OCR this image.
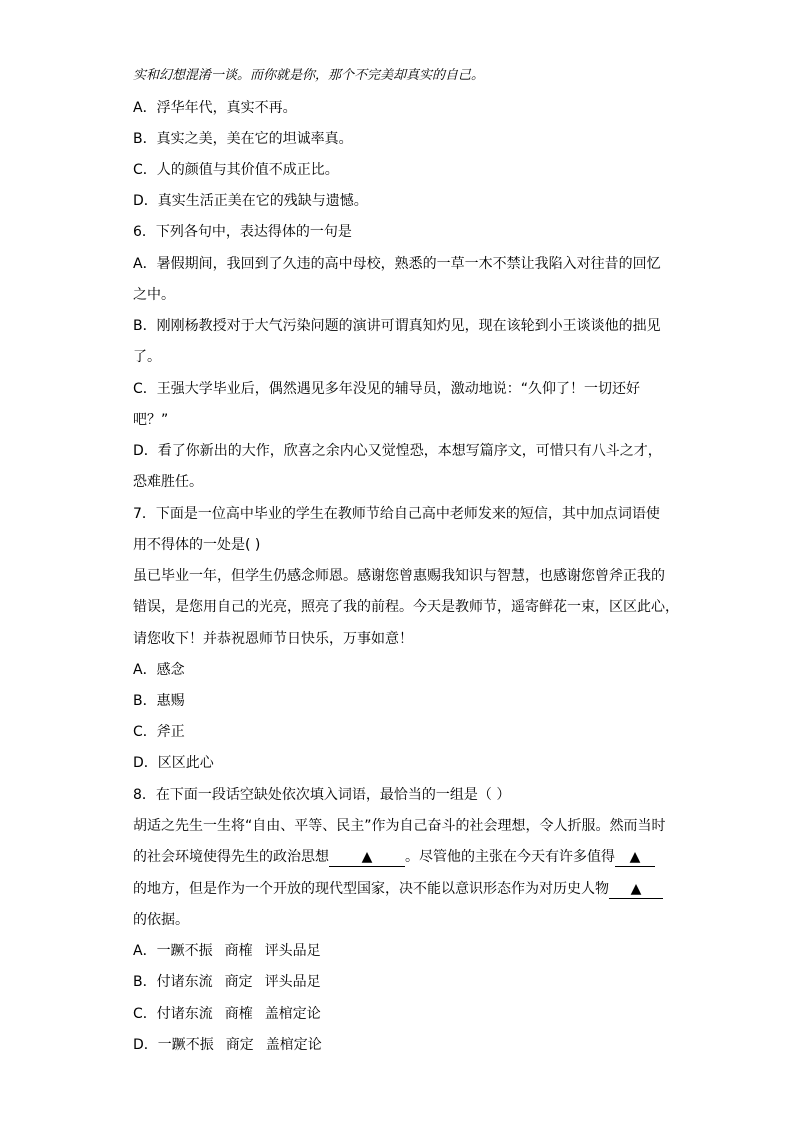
实和幻想混淆一谈。而你就是你，那个不完美却真实的自己。
A．浮华年代，真实不再。
B．真实之美，美在它的坦诚率真。
C．人的颜值与其价值不成正比。
D．真实生活正美在它的残缺与遗憾。
6．下列各句中，表达得体的一句是
A．暑假期间，我回到了久违的高中母校，熟悉的一草一木不禁让我陷入对往昔的回忆
之中。
B．刚刚杨教授对于大气污染问题的演讲可谓真知灼见，现在该轮到小王谈谈他的拙见
了。
C．王强大学毕业后，偶然遇见多年没见的辅导员，激动地说：“久仰了！一切还好
吧？”
D．看了你新出的大作，欣喜之余内心又觉惶恐，本想写篇序文，可惜只有八斗之才，
恐难胜任。
7．下面是一位高中毕业的学生在教师节给自己高中老师发来的短信，其中加点词语使
用不得体的一处是( )
虽已毕业一年，但学生仍感念师恩。感谢您曾惠赐我知识与智慧，也感谢您曾斧正我的
错误，是您用自己的光亮，照亮了我的前程。今天是教师节，遥寄鲜花一束，区区此心，
请您收下！并恭祝恩师节日快乐，万事如意！
A．感念
B．惠赐
C．斧正
D．区区此心
8．在下面一段话空缺处依次填入词语，最恰当的一组是（ ）
胡适之先生一生将“自由、平等、民主”作为自己奋斗的社会理想，令人折服。然而当时
的社会环境使得先生的政治思想 ▲ 。尽管他的主张在今天有许多值得 ▲
的地方，但是作为一个开放的现代型国家，决不能以意识形态作为对历史人物 ▲
的依据。
A．一蹶不振 商榷 评头品足
B．付诸东流 商定 评头品足
C．付诸东流 商榷 盖棺定论
D．一蹶不振 商定 盖棺定论
